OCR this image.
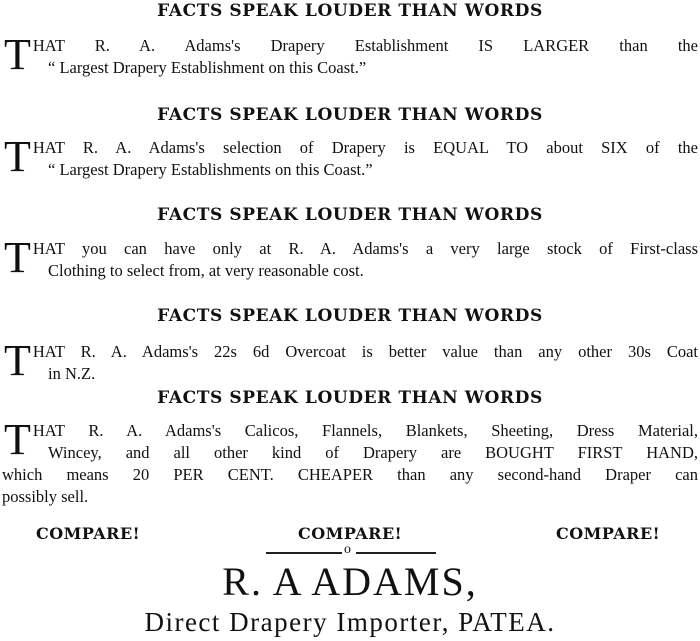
FACTS SPEAK LOUDER THAN WORDS
T HAT R. A. Adams's Drapery Establishment IS LARGER than the
“ Largest Drapery Establishment on this Coast.”
FACTS SPEAK LOUDER THAN WORDS
T HAT R. A. Adams's selection of Drapery is EQUAL TO about SIX of the
“ Largest Drapery Establishments on this Coast.”
FACTS SPEAK LOUDER THAN WORDS
T HAT you can have only at R. A. Adams's a very large stock of First-class
Clothing to select from, at very reasonable cost.
FACTS SPEAK LOUDER THAN WORDS
T HAT R. A. Adams's 22s 6d Overcoat is better value than any other 30s Coat
in N.Z.
FACTS SPEAK LOUDER THAN WORDS
T HAT R. A. Adams's Calicos, Flannels, Blankets, Sheeting, Dress Material,
Wincey, and all other kind of Drapery are BOUGHT FIRST HAND,
which means 20 PER CENT. CHEAPER than any second-hand Draper can
possibly sell.
COMPARE!	COMPARE!	COMPARE!
o
R. A ADAMS,
Direct Drapery Importer, PATEA.
